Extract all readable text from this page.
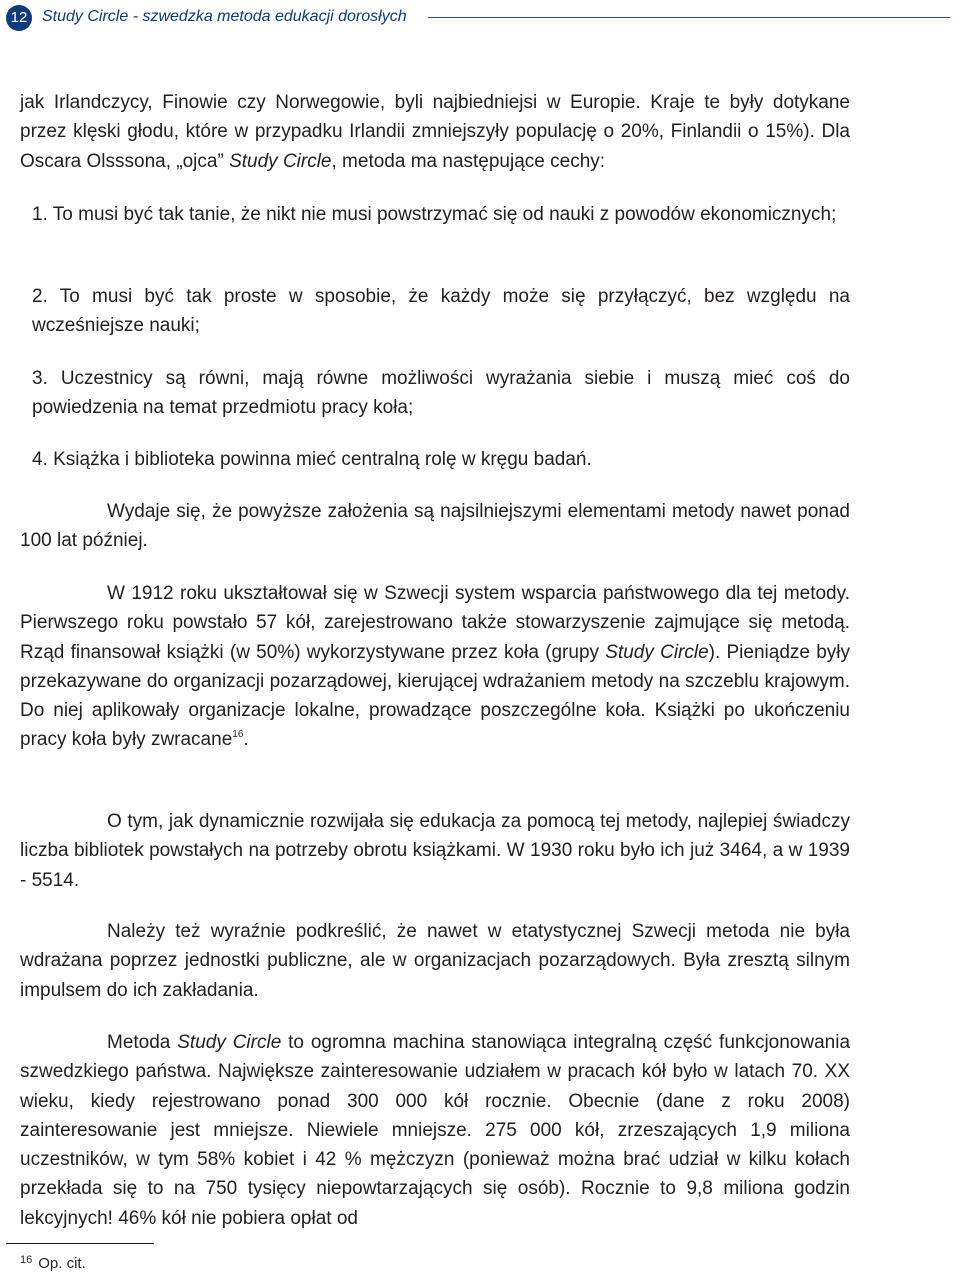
12 Study Circle - szwedzka metoda edukacji dorosłych

jak Irlandczycy, Finowie czy Norwegowie, byli najbiedniejsi w Europie. Kraje te były dotykane przez klęski głodu, które w przypadku Irlandii zmniejszyły populację o 20%, Finlandii o 15%). Dla Oscara Olsssona, „ojca” Study Circle, metoda ma następujące cechy:

1. To musi być tak tanie, że nikt nie musi powstrzymać się od nauki z powodów ekonomicznych;

2. To musi być tak proste w sposobie, że każdy może się przyłączyć, bez względu na wcześniejsze nauki;

3. Uczestnicy są równi, mają równe możliwości wyrażania siebie i muszą mieć coś do powiedzenia na temat przedmiotu pracy koła;

4. Książka i biblioteka powinna mieć centralną rolę w kręgu badań.

Wydaje się, że powyższe założenia są najsilniejszymi elementami metody nawet ponad 100 lat później.

W 1912 roku ukształtował się w Szwecji system wsparcia państwowego dla tej metody. Pierwszego roku powstało 57 kół, zarejestrowano także stowarzyszenie zajmujące się metodą. Rząd finansował książki (w 50%) wykorzystywane przez koła (grupy Study Circle). Pieniądze były przekazywane do organizacji pozarządowej, kierującej wdrażaniem metody na szczeblu krajowym. Do niej aplikowały organizacje lokalne, prowadzące poszczególne koła. Książki po ukończeniu pracy koła były zwracane$^{16}$.

O tym, jak dynamicznie rozwijała się edukacja za pomocą tej metody, najlepiej świadczy liczba bibliotek powstałych na potrzeby obrotu książkami. W 1930 roku było ich już 3464, a w 1939 - 5514.

Należy też wyraźnie podkreślić, że nawet w etatystycznej Szwecji metoda nie była wdrażana poprzez jednostki publiczne, ale w organizacjach pozarządowych. Była zresztą silnym impulsem do ich zakładania.

Metoda Study Circle to ogromna machina stanowiąca integralną część funkcjonowania szwedzkiego państwa. Największe zainteresowanie udziałem w pracach kół było w latach 70. XX wieku, kiedy rejestrowano ponad 300 000 kół rocznie. Obecnie (dane z roku 2008) zainteresowanie jest mniejsze. Niewiele mniejsze. 275 000 kół, zrzeszających 1,9 miliona uczestników, w tym 58% kobiet i 42 % mężczyzn (ponieważ można brać udział w kilku kołach przekłada się to na 750 tysięcy niepowtarzających się osób). Rocznie to 9,8 miliona godzin lekcyjnych! 46% kół nie pobiera opłat od

$^{16}$ Op. cit.
